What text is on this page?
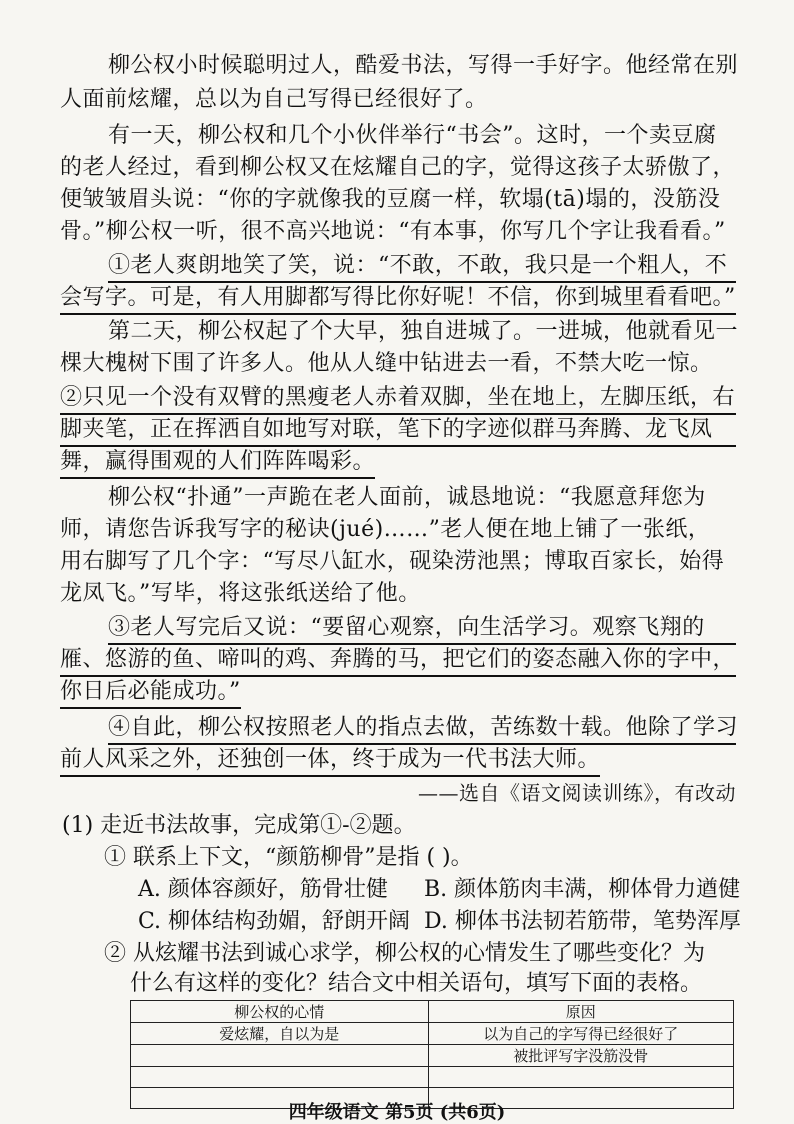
柳公权小时候聪明过人，酷爱书法，写得一手好字。他经常在别
人面前炫耀，总以为自己写得已经很好了。
有一天，柳公权和几个小伙伴举行“书会”。这时，一个卖豆腐
的老人经过，看到柳公权又在炫耀自己的字，觉得这孩子太骄傲了，
便皱皱眉头说：“你的字就像我的豆腐一样，软塌(tā)塌的，没筋没
骨。”柳公权一听，很不高兴地说：“有本事，你写几个字让我看看。”
①老人爽朗地笑了笑，说：“不敢，不敢，我只是一个粗人，不
会写字。可是，有人用脚都写得比你好呢！不信，你到城里看看吧。”
第二天，柳公权起了个大早，独自进城了。一进城，他就看见一
棵大槐树下围了许多人。他从人缝中钻进去一看，不禁大吃一惊。
②只见一个没有双臂的黑瘦老人赤着双脚，坐在地上，左脚压纸，右
脚夹笔，正在挥洒自如地写对联，笔下的字迹似群马奔腾、龙飞凤
舞，赢得围观的人们阵阵喝彩。
柳公权“扑通”一声跪在老人面前，诚恳地说：“我愿意拜您为
师，请您告诉我写字的秘诀(jué)……”老人便在地上铺了一张纸，
用右脚写了几个字：“写尽八缸水，砚染涝池黑；博取百家长，始得
龙凤飞。”写毕，将这张纸送给了他。
③老人写完后又说：“要留心观察，向生活学习。观察飞翔的
雁、悠游的鱼、啼叫的鸡、奔腾的马，把它们的姿态融入你的字中，
你日后必能成功。”
④自此，柳公权按照老人的指点去做，苦练数十载。他除了学习
前人风采之外，还独创一体，终于成为一代书法大师。
——选自《语文阅读训练》，有改动
(1) 走近书法故事，完成第①-②题。
① 联系上下文，“颜筋柳骨”是指 ( )。
A. 颜体容颜好，筋骨壮健 B. 颜体筋肉丰满，柳体骨力遒健
C. 柳体结构劲媚，舒朗开阔 D. 柳体书法韧若筋带，笔势浑厚
② 从炫耀书法到诚心求学，柳公权的心情发生了哪些变化？为
什么有这样的变化？结合文中相关语句，填写下面的表格。
柳公权的心情	原因
爱炫耀，自以为是	以为自己的字写得已经很好了
	被批评写字没筋没骨

四年级语文 第5页 (共6页)
